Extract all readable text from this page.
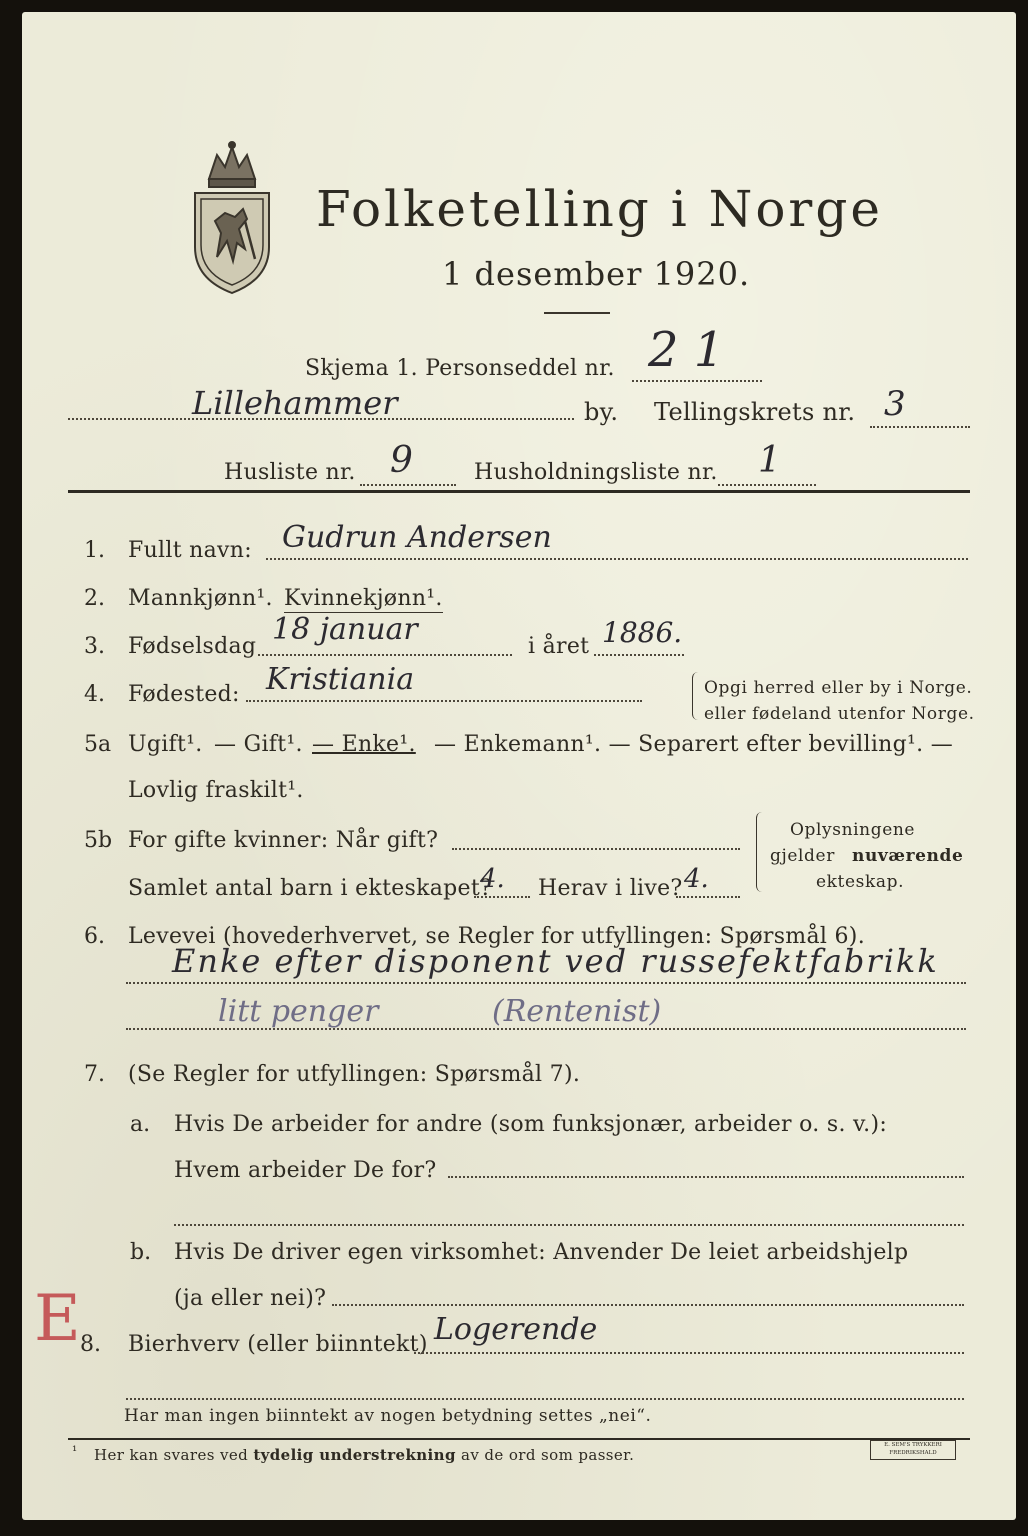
Folketelling i Norge
1 desember 1920.
Skjema 1. Personseddel nr. 2 1
Lillehammer	by. Tellingskrets nr. 3
Husliste nr. 9	Husholdningsliste nr. 1
1. Fullt navn: Gudrun Andersen
2. Mannkjønn¹. Kvinnekjønn¹.
3. Fødselsdag 18 januar	i året 1886.
4. Fødested: Kristiania	Opgi herred eller by i Norge.
eller fødeland utenfor Norge.
5a Ugift¹. — Gift¹. — Enke¹. — Enkemann¹. — Separert efter bevilling¹. —
Lovlig fraskilt¹.
5b For gifte kvinner: Når gift?
Samlet antal barn i ekteskapet?
4. Herav i live? 4.
Oplysningene
gjelder nuværende
ekteskap.
6. Levevei (hovederhvervet, se Regler for utfyllingen: Spørsmål 6).
Enke efter disponent ved russefektfabrikk
litt penger	(Rentenist)
7. (Se Regler for utfyllingen: Spørsmål 7).
a. Hvis De arbeider for andre (som funksjonær, arbeider o. s. v.):
Hvem arbeider De for?
b. Hvis De driver egen virksomhet: Anvender De leiet arbeidshjelp
(ja eller nei)?
E 8. Bierhverv (eller biinntekt) Logerende
Har man ingen biinntekt av nogen betydning settes „nei“.
¹ Her kan svares ved tydelig understrekning av de ord som passer.
E. SEM'S TRYKKERI FREDRIKSHALD
